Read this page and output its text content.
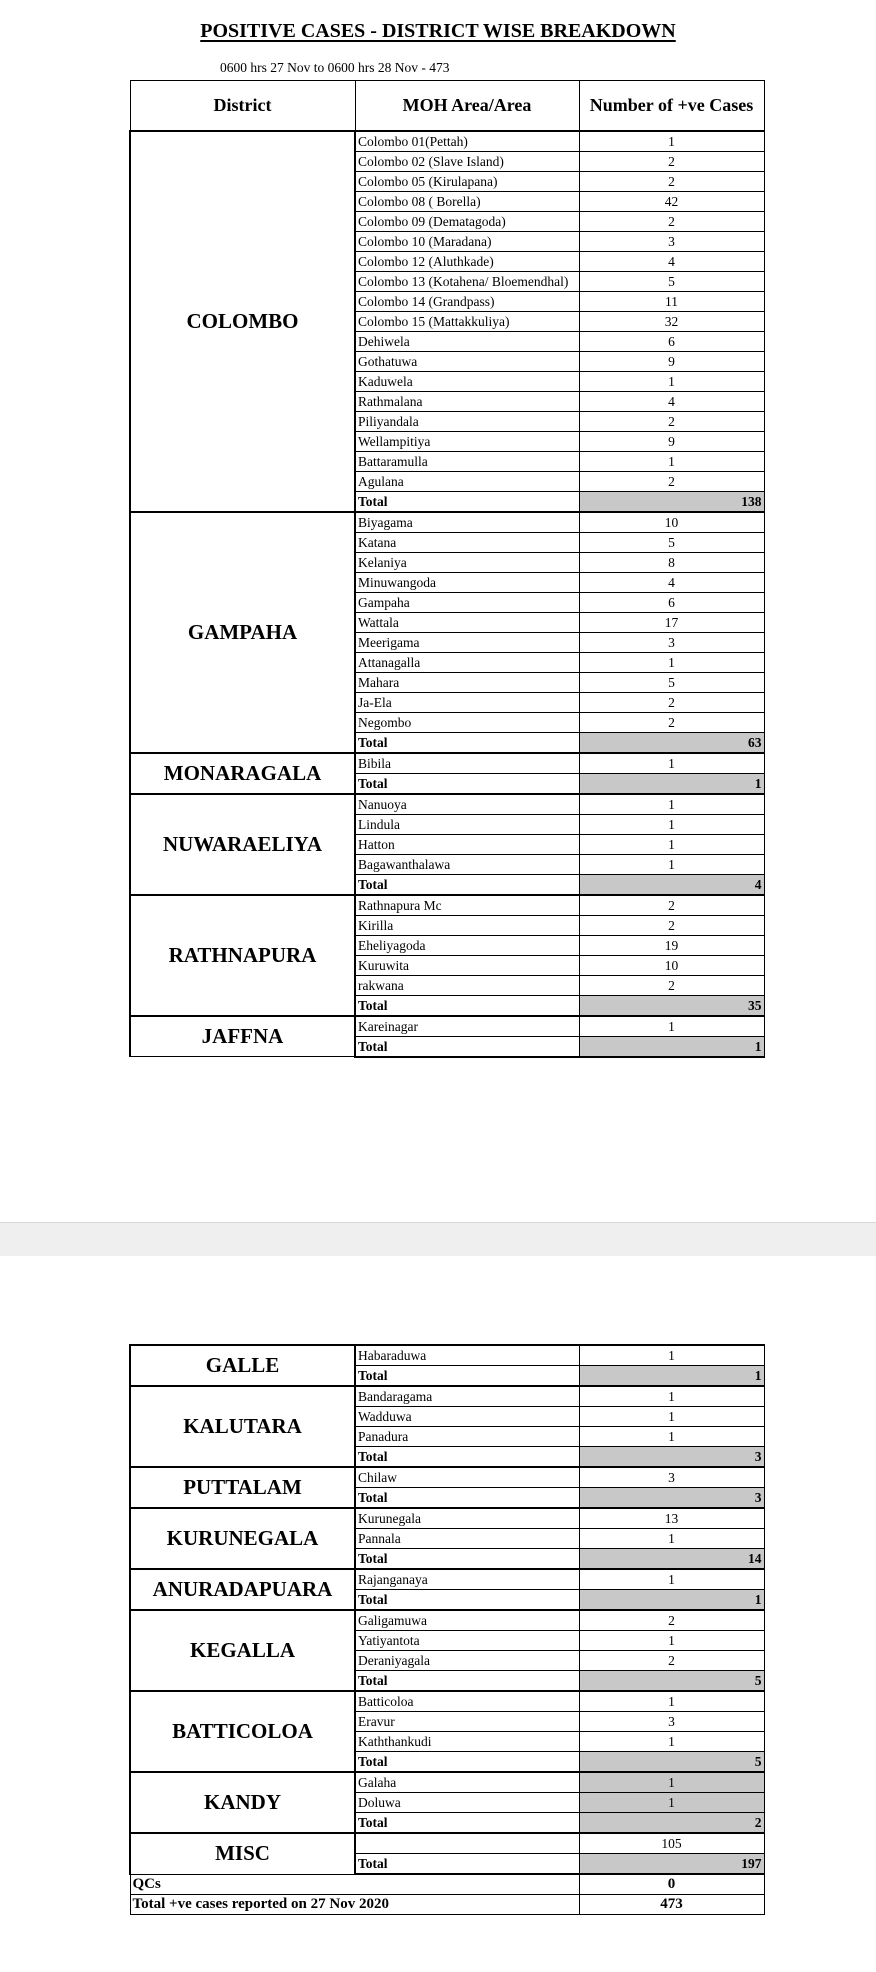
POSITIVE CASES - DISTRICT WISE BREAKDOWN
0600 hrs 27 Nov to 0600 hrs 28 Nov - 473
District	MOH Area/Area	Number of +ve Cases
COLOMBO	Colombo 01(Pettah)	1
	Colombo 02 (Slave Island)	2
	Colombo 05 (Kirulapana)	2
	Colombo 08 ( Borella)	42
	Colombo 09 (Dematagoda)	2
	Colombo 10 (Maradana)	3
	Colombo 12 (Aluthkade)	4
	Colombo 13 (Kotahena/ Bloemendhal)	5
	Colombo 14 (Grandpass)	11
	Colombo 15 (Mattakkuliya)	32
	Dehiwela	6
	Gothatuwa	9
	Kaduwela	1
	Rathmalana	4
	Piliyandala	2
	Wellampitiya	9
	Battaramulla	1
	Agulana	2
	Total	138
GAMPAHA	Biyagama	10
	Katana	5
	Kelaniya	8
	Minuwangoda	4
	Gampaha	6
	Wattala	17
	Meerigama	3
	Attanagalla	1
	Mahara	5
	Ja-Ela	2
	Negombo	2
	Total	63
MONARAGALA	Bibila	1
	Total	1
NUWARAELIYA	Nanuoya	1
	Lindula	1
	Hatton	1
	Bagawanthalawa	1
	Total	4
RATHNAPURA	Rathnapura Mc	2
	Kirilla	2
	Eheliyagoda	19
	Kuruwita	10
	rakwana	2
	Total	35
JAFFNA	Kareinagar	1
	Total	1
GALLE	Habaraduwa	1
	Total	1
KALUTARA	Bandaragama	1
	Wadduwa	1
	Panadura	1
	Total	3
PUTTALAM	Chilaw	3
	Total	3
KURUNEGALA	Kurunegala	13
	Pannala	1
	Total	14
ANURADAPUARA	Rajanganaya	1
	Total	1
KEGALLA	Galigamuwa	2
	Yatiyantota	1
	Deraniyagala	2
	Total	5
BATTICOLOA	Batticoloa	1
	Eravur	3
	Kaththankudi	1
	Total	5
KANDY	Galaha	1
	Doluwa	1
	Total	2
MISC		105
	Total	197
QCs		0
Total +ve cases reported on 27 Nov 2020		473
